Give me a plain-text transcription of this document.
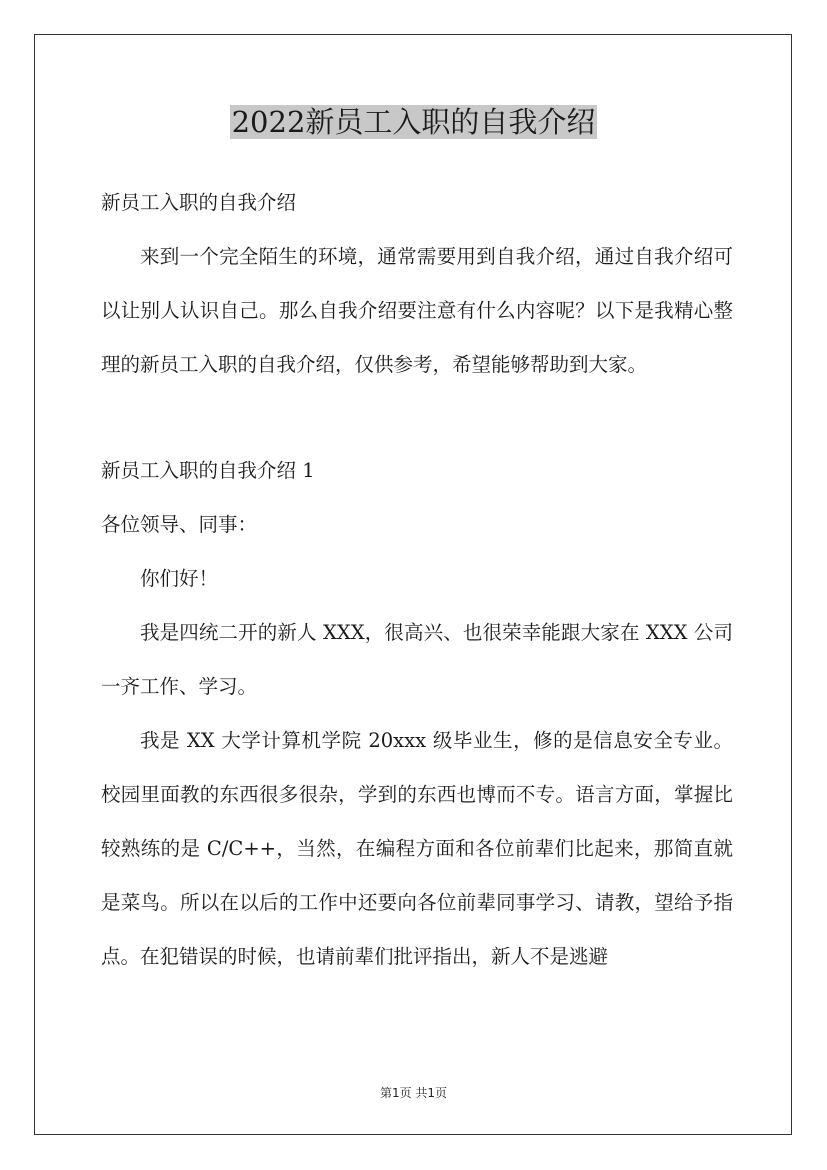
2022新员工入职的自我介绍

新员工入职的自我介绍

来到一个完全陌生的环境，通常需要用到自我介绍，通过自我介绍可以让别人认识自己。那么自我介绍要注意有什么内容呢？以下是我精心整理的新员工入职的自我介绍，仅供参考，希望能够帮助到大家。

新员工入职的自我介绍 1

各位领导、同事：

你们好！

我是四统二开的新人 XXX，很高兴、也很荣幸能跟大家在 XXX 公司一齐工作、学习。

我是 XX 大学计算机学院 20xxx 级毕业生，修的是信息安全专业。校园里面教的东西很多很杂，学到的东西也博而不专。语言方面，掌握比较熟练的是 C/C++，当然，在编程方面和各位前辈们比起来，那简直就是菜鸟。所以在以后的工作中还要向各位前辈同事学习、请教，望给予指点。在犯错误的时候，也请前辈们批评指出，新人不是逃避

第1页 共1页
